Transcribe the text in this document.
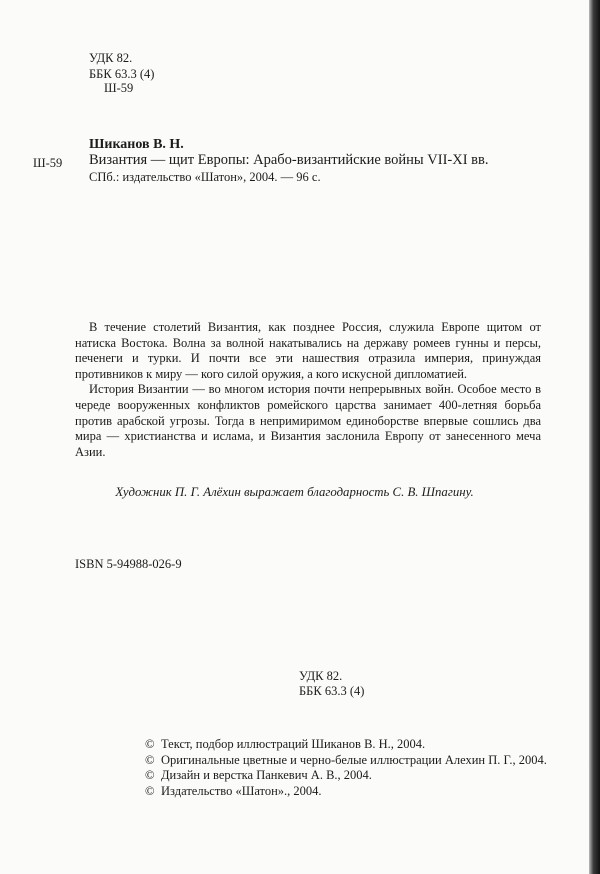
УДК 82.
ББК 63.3 (4)
Ш-59
Шиканов В. Н.
Ш-59 Византия — щит Европы: Арабо-византийские войны VII-XI вв.
СПб.: издательство «Шатон», 2004. — 96 с.

В течение столетий Византия, как позднее Россия, служила Европе щитом от натиска Востока. Волна за волной накатывались на державу ромеев гунны и персы, печенеги и турки. И почти все эти нашествия отразила империя, принуждая противников к миру — кого силой оружия, а кого искусной дипломатией.

История Византии — во многом история почти непрерывных войн. Особое место в череде вооруженных конфликтов ромейского царства занимает 400-летняя борьба против арабской угрозы. Тогда в непримиримом единоборстве впервые сошлись два мира — христианства и ислама, и Византия заслонила Европу от занесенного меча Азии.

Художник П. Г. Алёхин выражает благодарность С. В. Шпагину.
ISBN 5-94988-026-9
УДК 82.
ББК 63.3 (4)
© Текст, подбор иллюстраций Шиканов В. Н., 2004.
© Оригинальные цветные и черно-белые иллюстрации Алехин П. Г., 2004.
© Дизайн и верстка Панкевич А. В., 2004.
© Издательство «Шатон»., 2004.
